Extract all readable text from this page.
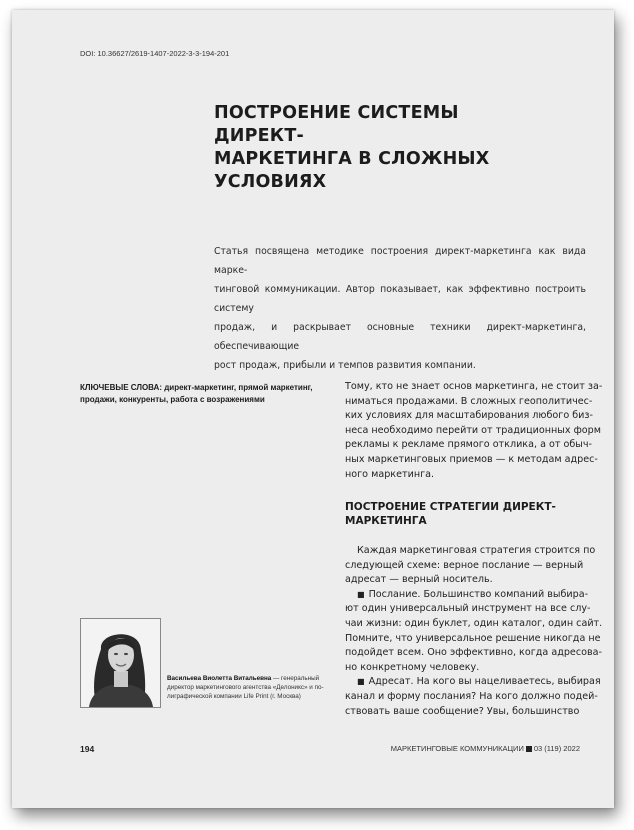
DOI: 10.36627/2619-1407-2022-3-3-194-201
ПОСТРОЕНИЕ СИСТЕМЫ ДИРЕКТ-
МАРКЕТИНГА В СЛОЖНЫХ УСЛОВИЯХ
Статья посвящена методике построения директ-маркетинга как вида марке-
тинговой коммуникации. Автор показывает, как эффективно построить систему
продаж, и раскрывает основные техники директ-маркетинга, обеспечивающие
рост продаж, прибыли и темпов развития компании.
КЛЮЧЕВЫЕ СЛОВА: директ-маркетинг, прямой маркетинг,
продажи, конкуренты, работа с возражениями
Тому, кто не знает основ маркетинга, не стоит за-
ниматься продажами. В сложных геополитичес-
ких условиях для масштабирования любого биз-
неса необходимо перейти от традиционных форм
рекламы к рекламе прямого отклика, а от обыч-
ных маркетинговых приемов — к методам адрес-
ного маркетинга.
ПОСТРОЕНИЕ СТРАТЕГИИ ДИРЕКТ-
МАРКЕТИНГА
Каждая маркетинговая стратегия строится по
следующей схеме: верное послание — верный
адресат — верный носитель.
■ Послание. Большинство компаний выбира-
ют один универсальный инструмент на все слу-
чаи жизни: один буклет, один каталог, один сайт.
Помните, что универсальное решение никогда не
подойдет всем. Оно эффективно, когда адресова-
но конкретному человеку.
■ Адресат. На кого вы нацеливаетесь, выбирая
канал и форму послания? На кого должно подей-
ствовать ваше сообщение? Увы, большинство
Васильева Виолетта Витальевна — генеральный
директор маркетингового агентства «Делоникс» и по-
лиграфической компании Life Print (г. Москва)
194	МАРКЕТИНГОВЫЕ КОММУНИКАЦИИ 03 (119) 2022
